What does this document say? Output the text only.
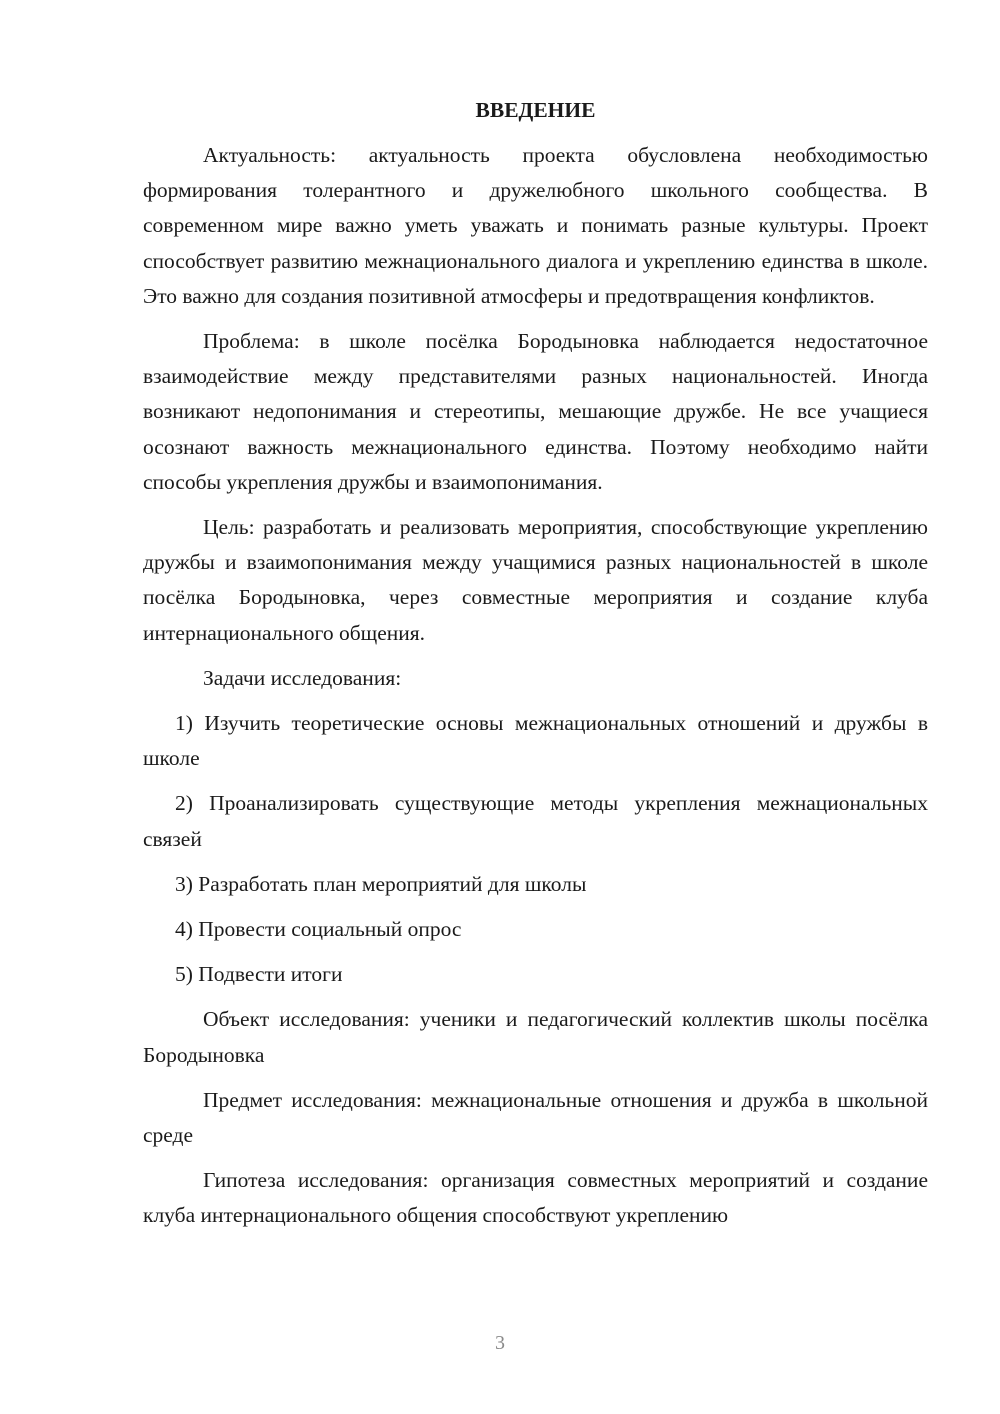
ВВЕДЕНИЕ

Актуальность: актуальность проекта обусловлена необходимостью формирования толерантного и дружелюбного школьного сообщества. В современном мире важно уметь уважать и понимать разные культуры. Проект способствует развитию межнационального диалога и укреплению единства в школе. Это важно для создания позитивной атмосферы и предотвращения конфликтов.

Проблема: в школе посёлка Бородыновка наблюдается недостаточное взаимодействие между представителями разных национальностей. Иногда возникают недопонимания и стереотипы, мешающие дружбе. Не все учащиеся осознают важность межнационального единства. Поэтому необходимо найти способы укрепления дружбы и взаимопонимания.

Цель: разработать и реализовать мероприятия, способствующие укреплению дружбы и взаимопонимания между учащимися разных национальностей в школе посёлка Бородыновка, через совместные мероприятия и создание клуба интернационального общения.

Задачи исследования:

1) Изучить теоретические основы межнациональных отношений и дружбы в школе

2) Проанализировать существующие методы укрепления межнациональных связей

3) Разработать план мероприятий для школы

4) Провести социальный опрос

5) Подвести итоги

Объект исследования: ученики и педагогический коллектив школы посёлка Бородыновка

Предмет исследования: межнациональные отношения и дружба в школьной среде

Гипотеза исследования: организация совместных мероприятий и создание клуба интернационального общения способствуют укреплению

3
